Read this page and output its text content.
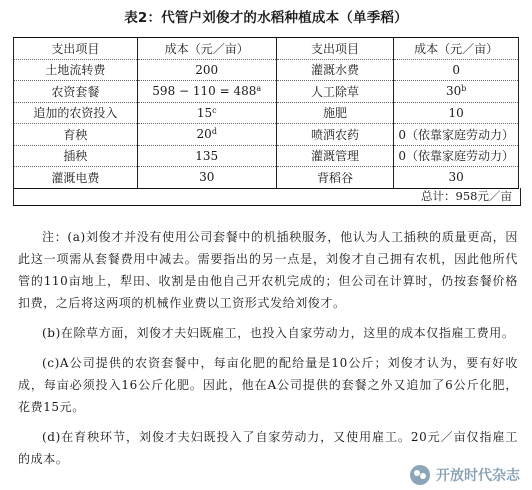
表2：代管户刘俊才的水稻种植成本（单季稻）
支出项目	成本（元／亩）	支出项目	成本（元／亩）
土地流转费	200	灌溉水费	0
农资套餐	$598 - 110 = 488^a$	人工除草	30$^b$
追加的农资投入	15$^c$	施肥	10
育秧	20$^d$	喷洒农药	0（依靠家庭劳动力）
插秧	135	灌溉管理	0（依靠家庭劳动力）
灌溉电费	30	背稻谷	30
总计：958元／亩

注：(a)刘俊才并没有使用公司套餐中的机插秧服务，他认为人工插秧的质量更高，因此这一项需从套餐费用中减去。需要指出的另一点是，刘俊才自己拥有农机，因此他所代管的110亩地上，犁田、收割是由他自己开农机完成的；但公司在计算时，仍按套餐价格扣费，之后将这两项的机械作业费以工资形式发给刘俊才。

(b)在除草方面，刘俊才夫妇既雇工，也投入自家劳动力，这里的成本仅指雇工费用。

(c)A公司提供的农资套餐中，每亩化肥的配给量是10公斤；刘俊才认为，要有好收成，每亩必须投入16公斤化肥。因此，他在A公司提供的套餐之外又追加了6公斤化肥，花费15元。

(d)在育秧环节，刘俊才夫妇既投入了自家劳动力，又使用雇工。20元／亩仅指雇工的成本。

开放时代杂志
